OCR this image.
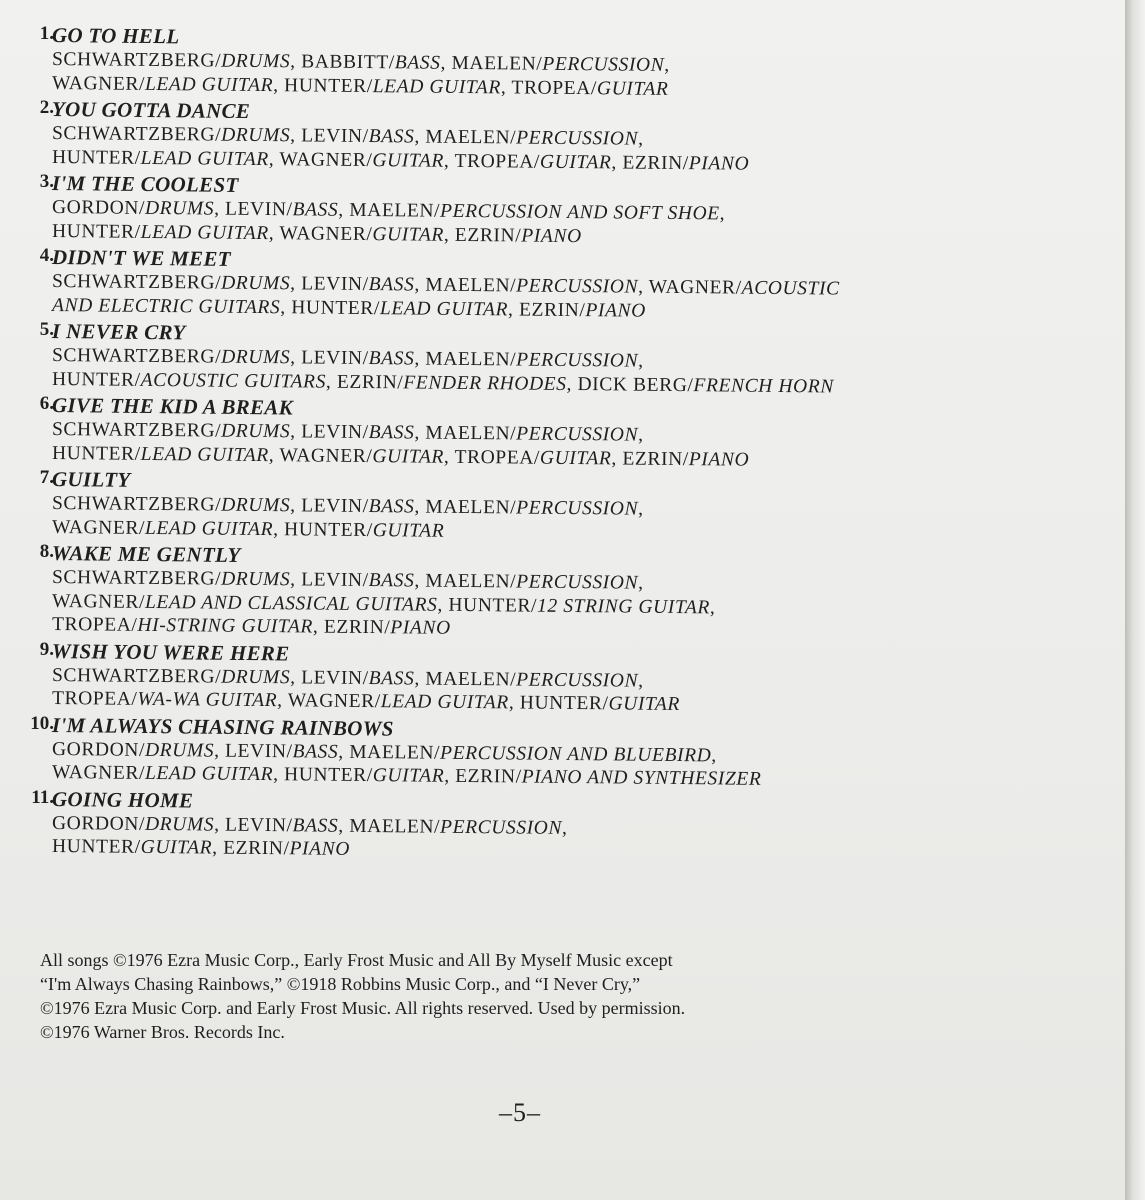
1.
GO TO HELL
SCHWARTZBERG/DRUMS, BABBITT/BASS, MAELEN/PERCUSSION,
WAGNER/LEAD GUITAR, HUNTER/LEAD GUITAR, TROPEA/GUITAR
2.
YOU GOTTA DANCE
SCHWARTZBERG/DRUMS, LEVIN/BASS, MAELEN/PERCUSSION,
HUNTER/LEAD GUITAR, WAGNER/GUITAR, TROPEA/GUITAR, EZRIN/PIANO
3.
I'M THE COOLEST
GORDON/DRUMS, LEVIN/BASS, MAELEN/PERCUSSION AND SOFT SHOE,
HUNTER/LEAD GUITAR, WAGNER/GUITAR, EZRIN/PIANO
4.
DIDN'T WE MEET
SCHWARTZBERG/DRUMS, LEVIN/BASS, MAELEN/PERCUSSION, WAGNER/ACOUSTIC
AND ELECTRIC GUITARS, HUNTER/LEAD GUITAR, EZRIN/PIANO
5.
I NEVER CRY
SCHWARTZBERG/DRUMS, LEVIN/BASS, MAELEN/PERCUSSION,
HUNTER/ACOUSTIC GUITARS, EZRIN/FENDER RHODES, DICK BERG/FRENCH HORN
6.
GIVE THE KID A BREAK
SCHWARTZBERG/DRUMS, LEVIN/BASS, MAELEN/PERCUSSION,
HUNTER/LEAD GUITAR, WAGNER/GUITAR, TROPEA/GUITAR, EZRIN/PIANO
7.
GUILTY
SCHWARTZBERG/DRUMS, LEVIN/BASS, MAELEN/PERCUSSION,
WAGNER/LEAD GUITAR, HUNTER/GUITAR
8.
WAKE ME GENTLY
SCHWARTZBERG/DRUMS, LEVIN/BASS, MAELEN/PERCUSSION,
WAGNER/LEAD AND CLASSICAL GUITARS, HUNTER/12 STRING GUITAR,
TROPEA/HI-STRING GUITAR, EZRIN/PIANO
9.
WISH YOU WERE HERE
SCHWARTZBERG/DRUMS, LEVIN/BASS, MAELEN/PERCUSSION,
TROPEA/WA-WA GUITAR, WAGNER/LEAD GUITAR, HUNTER/GUITAR
10.
I'M ALWAYS CHASING RAINBOWS
GORDON/DRUMS, LEVIN/BASS, MAELEN/PERCUSSION AND BLUEBIRD,
WAGNER/LEAD GUITAR, HUNTER/GUITAR, EZRIN/PIANO AND SYNTHESIZER
11.
GOING HOME
GORDON/DRUMS, LEVIN/BASS, MAELEN/PERCUSSION,
HUNTER/GUITAR, EZRIN/PIANO
All songs ©1976 Ezra Music Corp., Early Frost Music and All By Myself Music except
“I'm Always Chasing Rainbows,” ©1918 Robbins Music Corp., and “I Never Cry,”
©1976 Ezra Music Corp. and Early Frost Music. All rights reserved. Used by permission.
©1976 Warner Bros. Records Inc.
–5–
